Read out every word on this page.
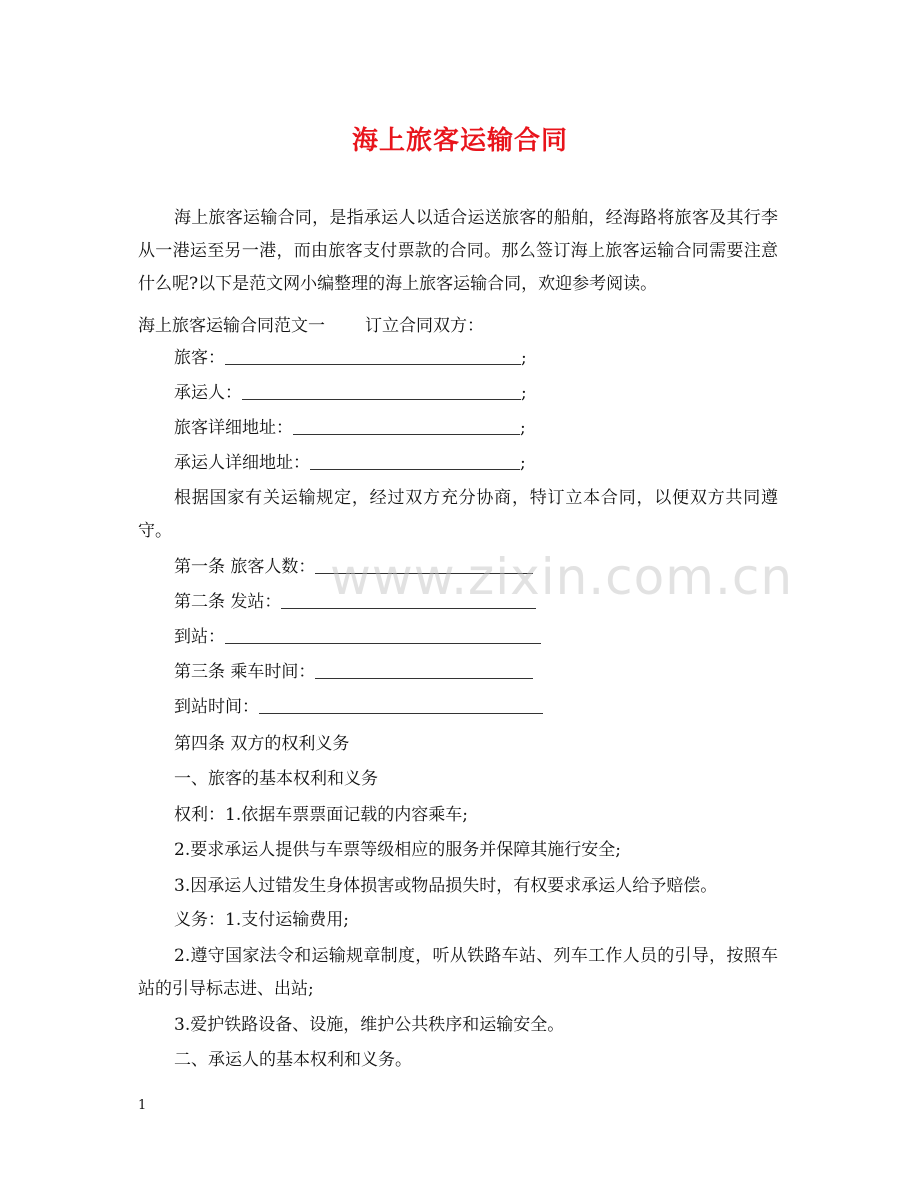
海上旅客运输合同
海上旅客运输合同，是指承运人以适合运送旅客的船舶，经海路将旅客及其行李从一港运至另一港，而由旅客支付票款的合同。那么签订海上旅客运输合同需要注意什么呢?以下是范文网小编整理的海上旅客运输合同，欢迎参考阅读。
海上旅客运输合同范文一 订立合同双方：
旅客：	;
承运人：	;
旅客详细地址：	;
承运人详细地址：	;
根据国家有关运输规定，经过双方充分协商，特订立本合同，以便双方共同遵守。
第一条 旅客人数：
第二条 发站：
到站：
第三条 乘车时间：
到站时间：
第四条 双方的权利义务
一、旅客的基本权利和义务
权利：1.依据车票票面记载的内容乘车;
2.要求承运人提供与车票等级相应的服务并保障其施行安全;
3.因承运人过错发生身体损害或物品损失时，有权要求承运人给予赔偿。
义务：1.支付运输费用;
2.遵守国家法令和运输规章制度，听从铁路车站、列车工作人员的引导，按照车站的引导标志进、出站;
3.爱护铁路设备、设施，维护公共秩序和运输安全。
二、承运人的基本权利和义务。
www.zixin.com.cn
1
